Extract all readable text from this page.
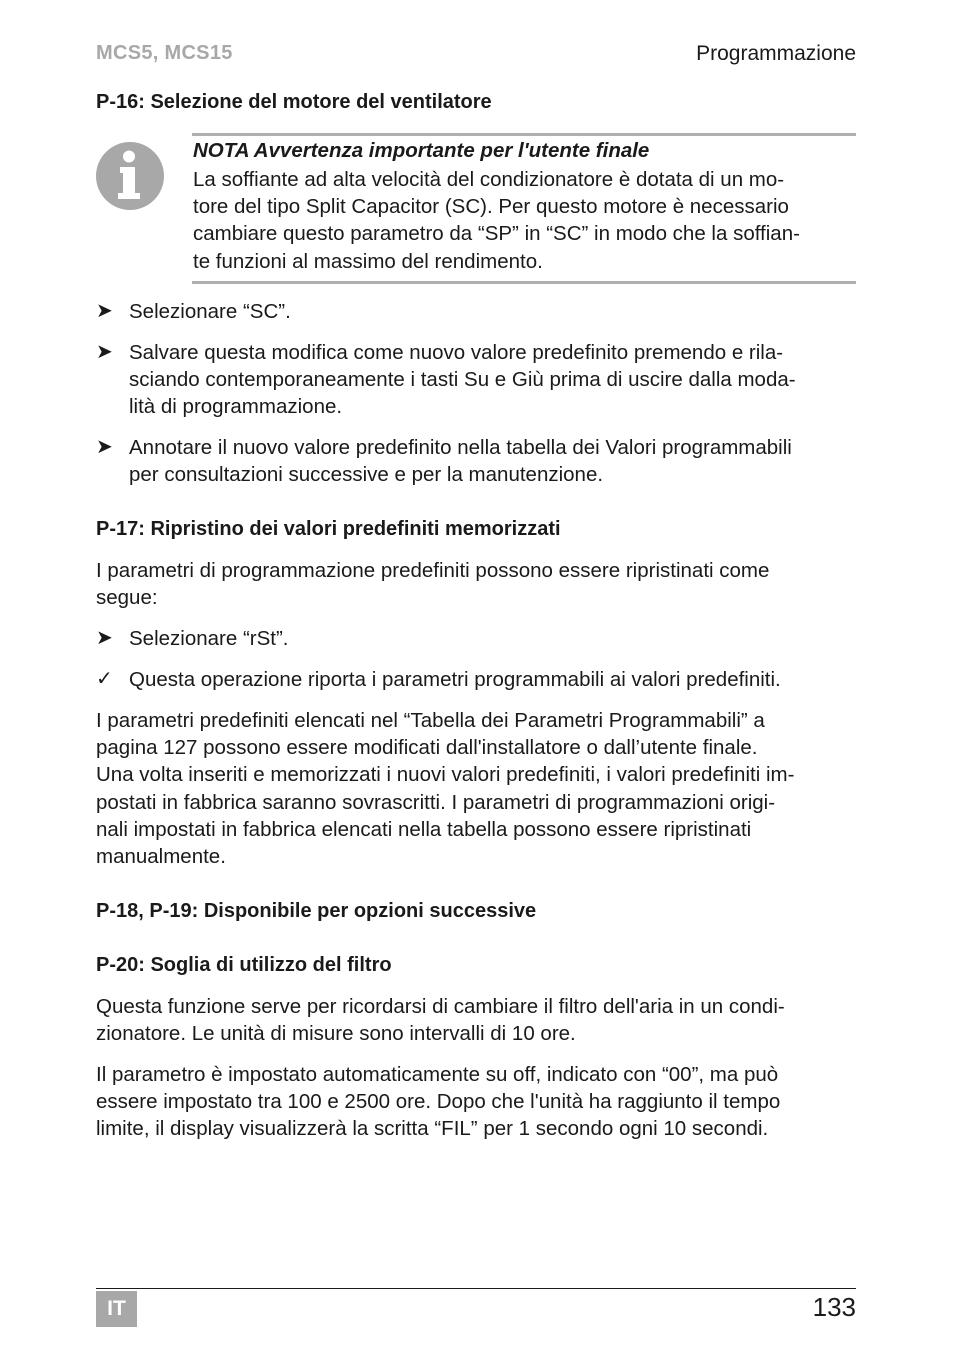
MCS5, MCS15	Programmazione
P-16: Selezione del motore del ventilatore
NOTA Avvertenza importante per l'utente finale
La soffiante ad alta velocità del condizionatore è dotata di un mo-
tore del tipo Split Capacitor (SC). Per questo motore è necessario
cambiare questo parametro da “SP” in “SC” in modo che la soffian-
te funzioni al massimo del rendimento.
➤ Selezionare “SC”.
➤ Salvare questa modifica come nuovo valore predefinito premendo e rila-
sciando contemporaneamente i tasti Su e Giù prima di uscire dalla moda-
lità di programmazione.
➤ Annotare il nuovo valore predefinito nella tabella dei Valori programmabili
per consultazioni successive e per la manutenzione.
P-17: Ripristino dei valori predefiniti memorizzati
I parametri di programmazione predefiniti possono essere ripristinati come
segue:
➤ Selezionare “rSt”.
✓ Questa operazione riporta i parametri programmabili ai valori predefiniti.
I parametri predefiniti elencati nel “Tabella dei Parametri Programmabili” a
pagina 127 possono essere modificati dall'installatore o dall’utente finale.
Una volta inseriti e memorizzati i nuovi valori predefiniti, i valori predefiniti im-
postati in fabbrica saranno sovrascritti. I parametri di programmazioni origi-
nali impostati in fabbrica elencati nella tabella possono essere ripristinati
manualmente.
P-18, P-19: Disponibile per opzioni successive
P-20: Soglia di utilizzo del filtro
Questa funzione serve per ricordarsi di cambiare il filtro dell'aria in un condi-
zionatore. Le unità di misure sono intervalli di 10 ore.
Il parametro è impostato automaticamente su off, indicato con “00”, ma può
essere impostato tra 100 e 2500 ore. Dopo che l'unità ha raggiunto il tempo
limite, il display visualizzerà la scritta “FIL” per 1 secondo ogni 10 secondi.
IT	133
